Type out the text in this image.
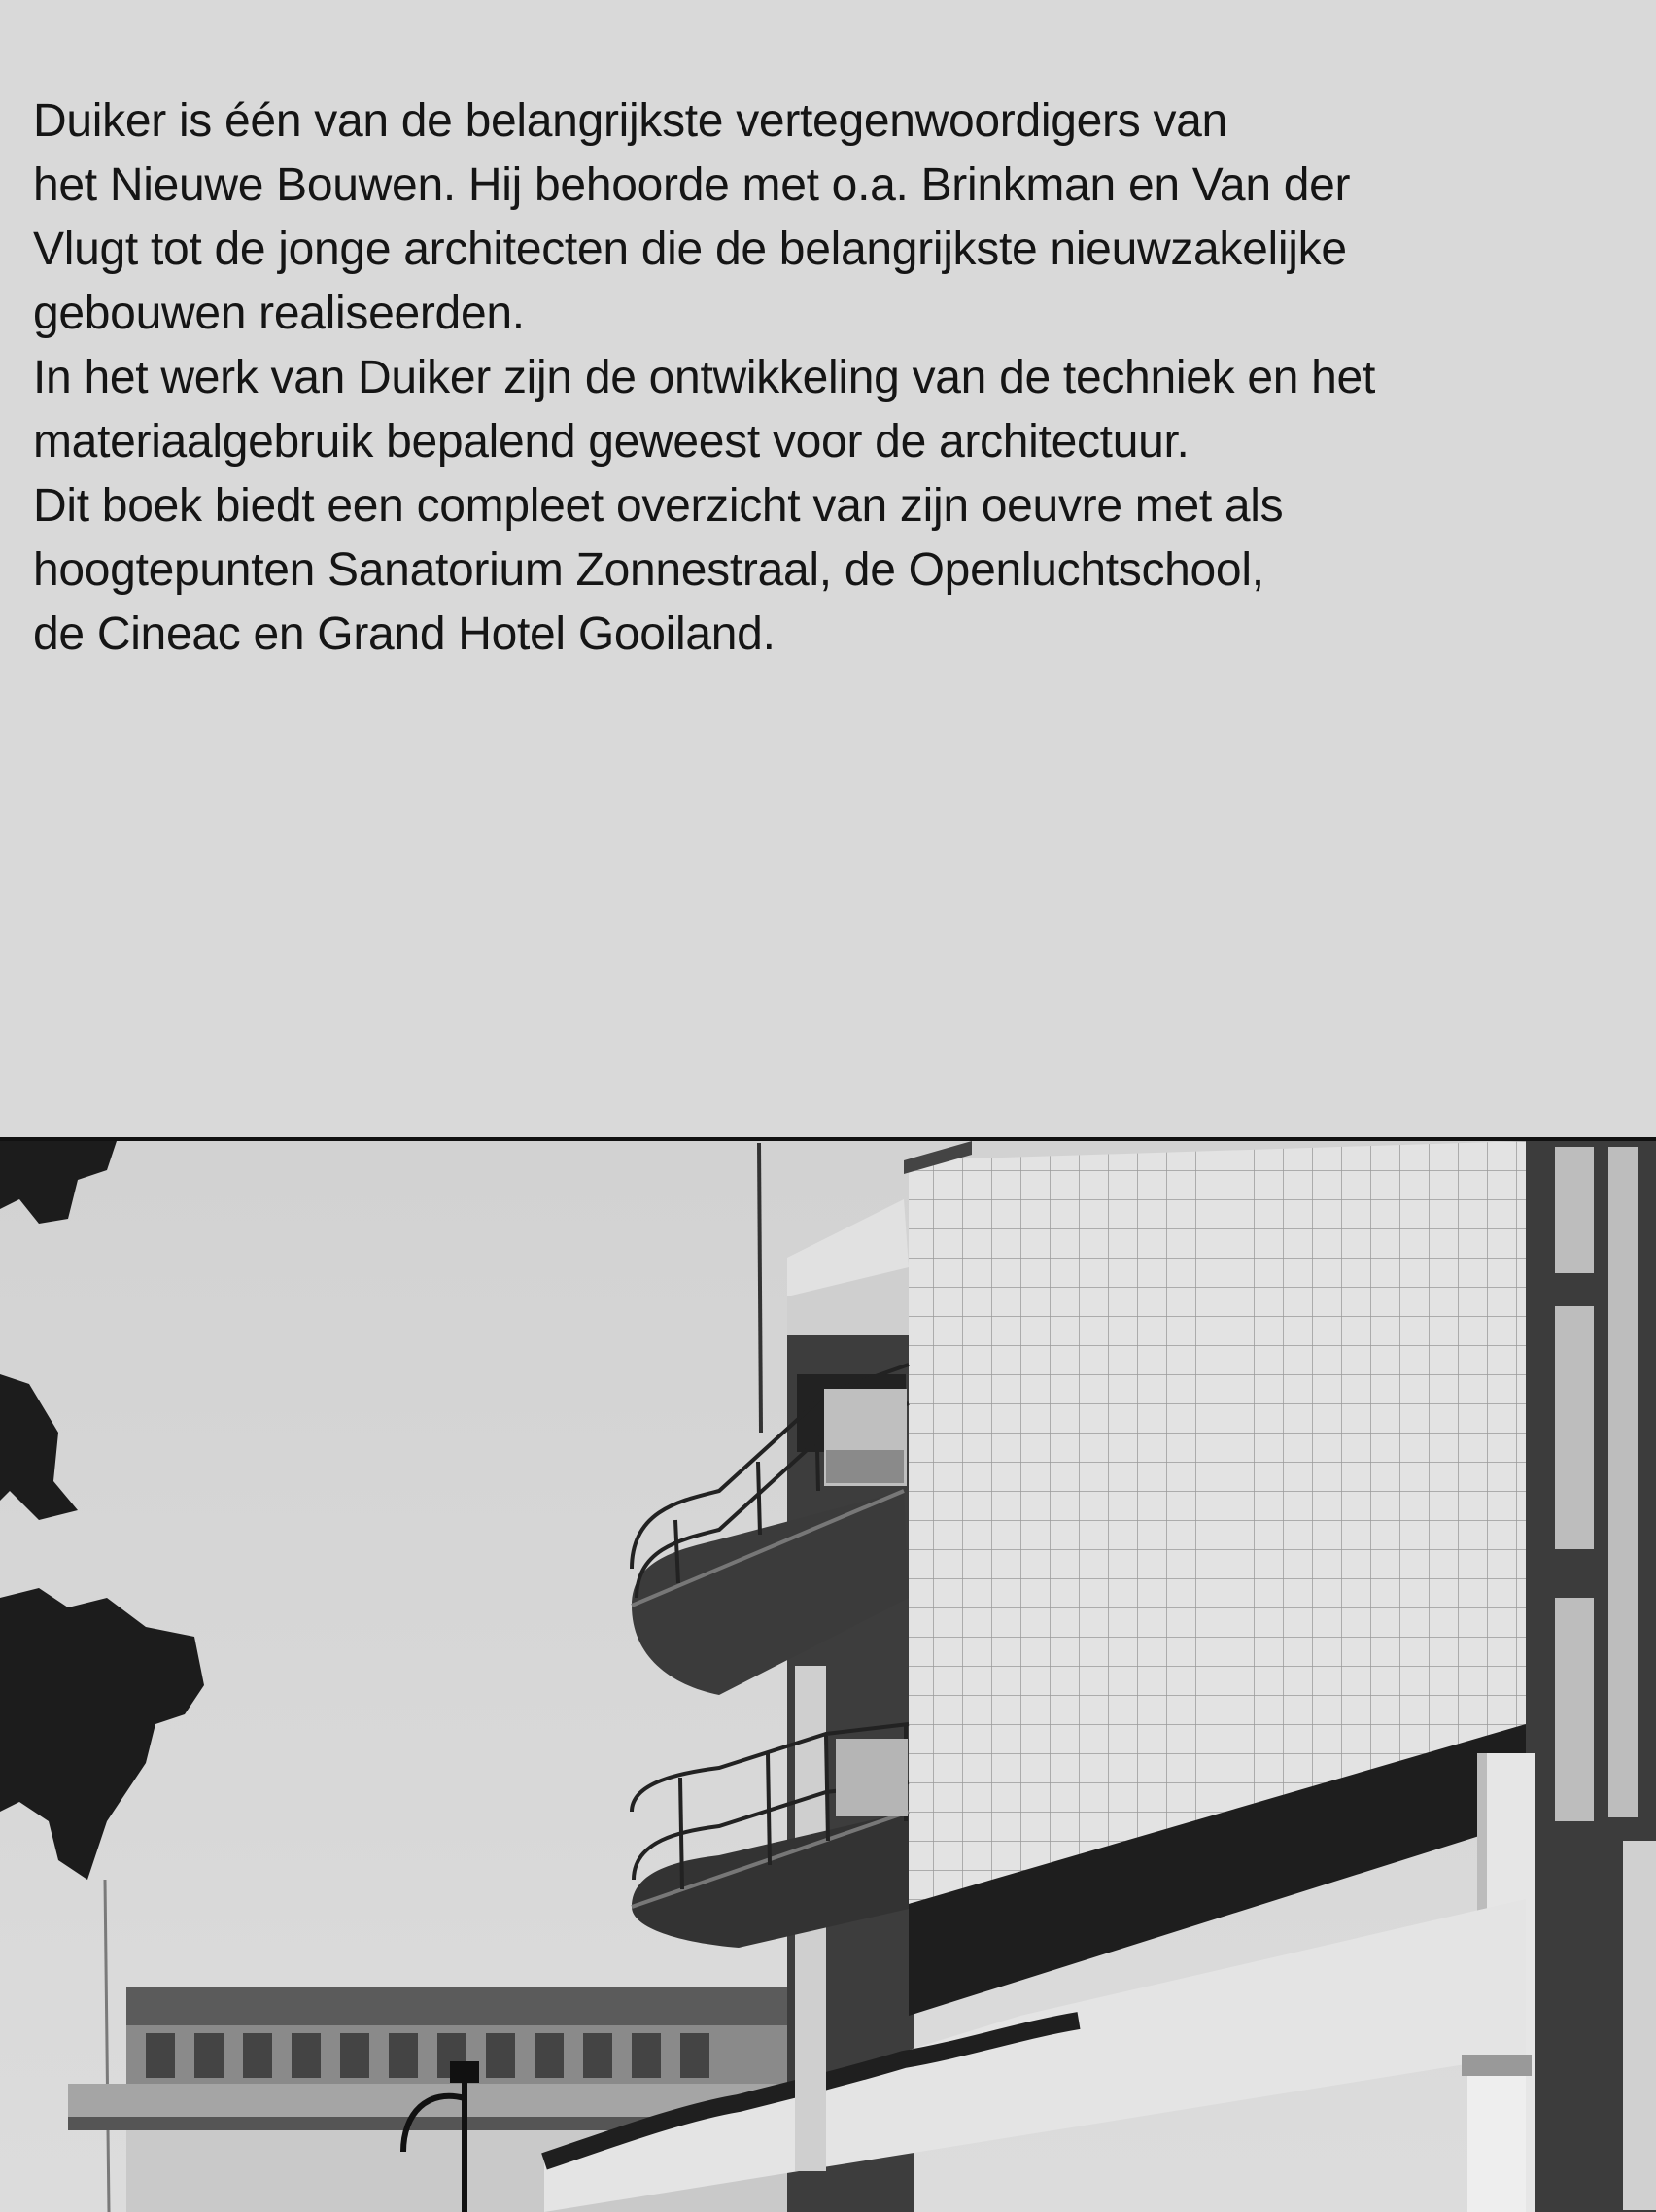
Duiker is één van de belangrijkste vertegenwoordigers van
het Nieuwe Bouwen. Hij behoorde met o.a. Brinkman en Van der
Vlugt tot de jonge architecten die de belangrijkste nieuwzakelijke
gebouwen realiseerden.
In het werk van Duiker zijn de ontwikkeling van de techniek en het
materiaalgebruik bepalend geweest voor de architectuur.
Dit boek biedt een compleet overzicht van zijn oeuvre met als
hoogtepunten Sanatorium Zonnestraal, de Openluchtschool,
de Cineac en Grand Hotel Gooiland.
